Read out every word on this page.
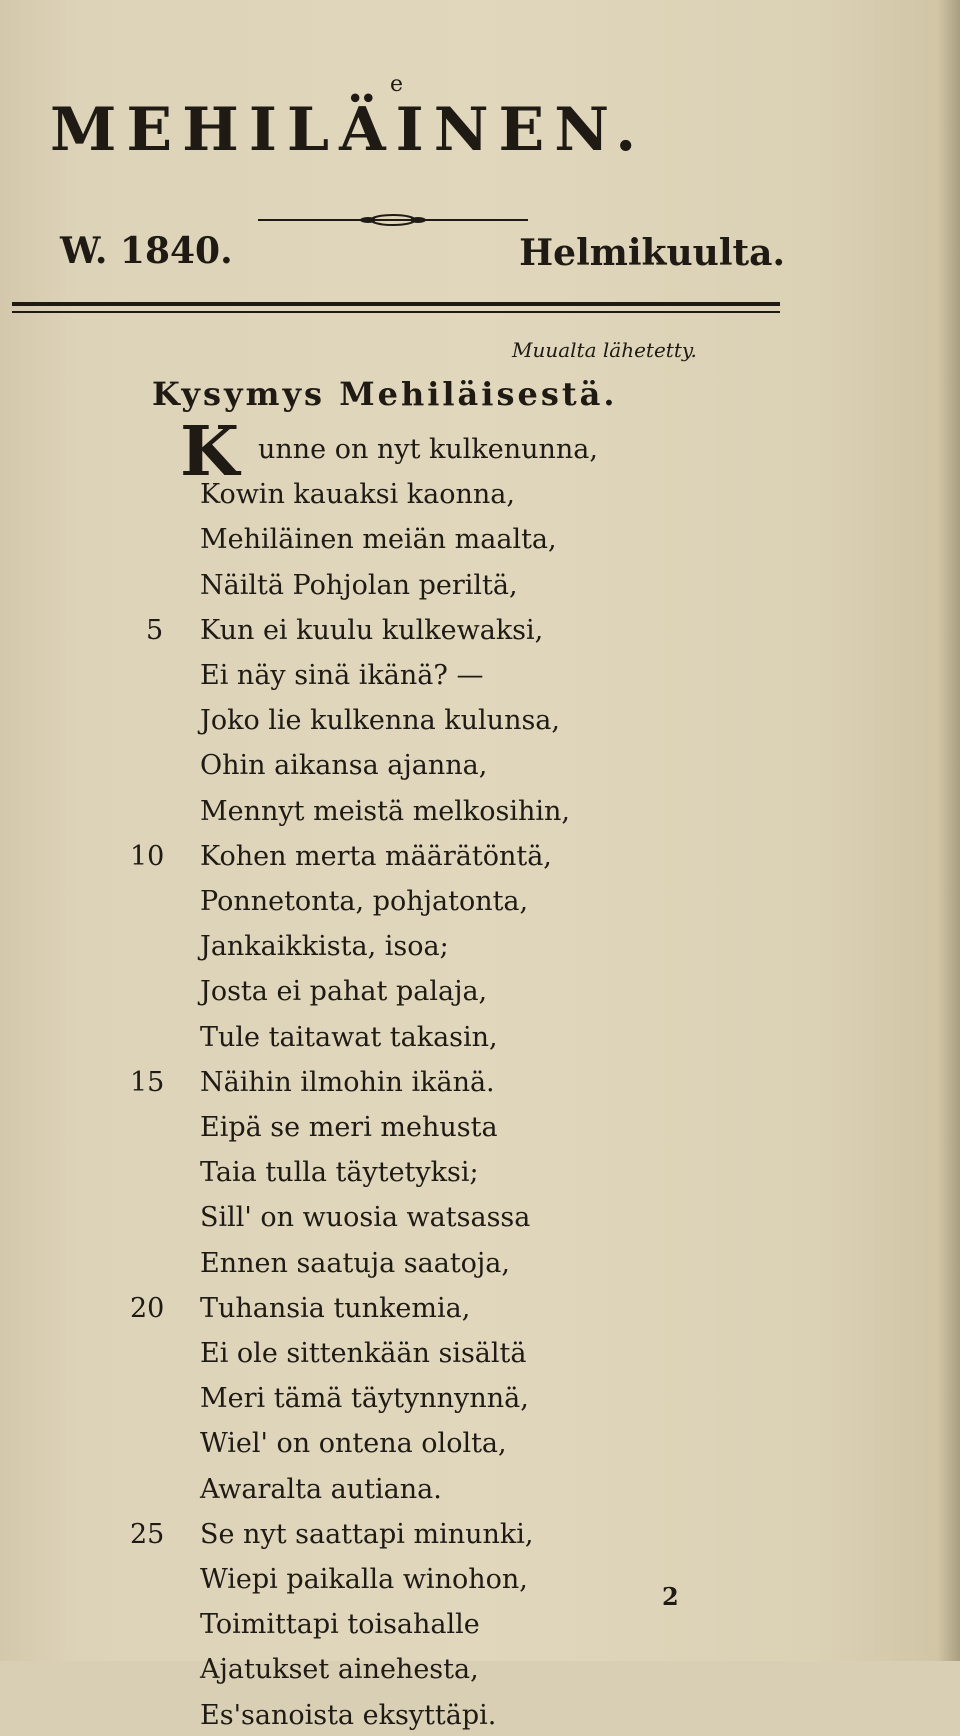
e
MEHILÄINEN.
W. 1840.	Helmikuulta.
Muualta lähetetty.
Kysymys Mehiläisestä.
K unne on nyt kulkenunna,
Kowin kauaksi kaonna,
Mehiläinen meiän maalta,
Näiltä Pohjolan periltä,
Kun ei kuulu kulkewaksi,
Ei näy sinä ikänä? —
Joko lie kulkenna kulunsa,
Ohin aikansa ajanna,
Mennyt meistä melkosihin,
Kohen merta määrätöntä,
Ponnetonta, pohjatonta,
Jankaikkista, isoa;
Josta ei pahat palaja,
Tule taitawat takasin,
Näihin ilmohin ikänä.
Eipä se meri mehusta
Taia tulla täytetyksi;
Sill' on wuosia watsassa
Ennen saatuja saatoja,
Tuhansia tunkemia,
Ei ole sittenkään sisältä
Meri tämä täytynnynnä,
Wiel' on ontena ololta,
Awaralta autiana.
Se nyt saattapi minunki,
Wiepi paikalla winohon,
Toimittapi toisahalle
Ajatukset ainehesta,
Es'sanoista eksyttäpi.
5
10
15
20
25
2
